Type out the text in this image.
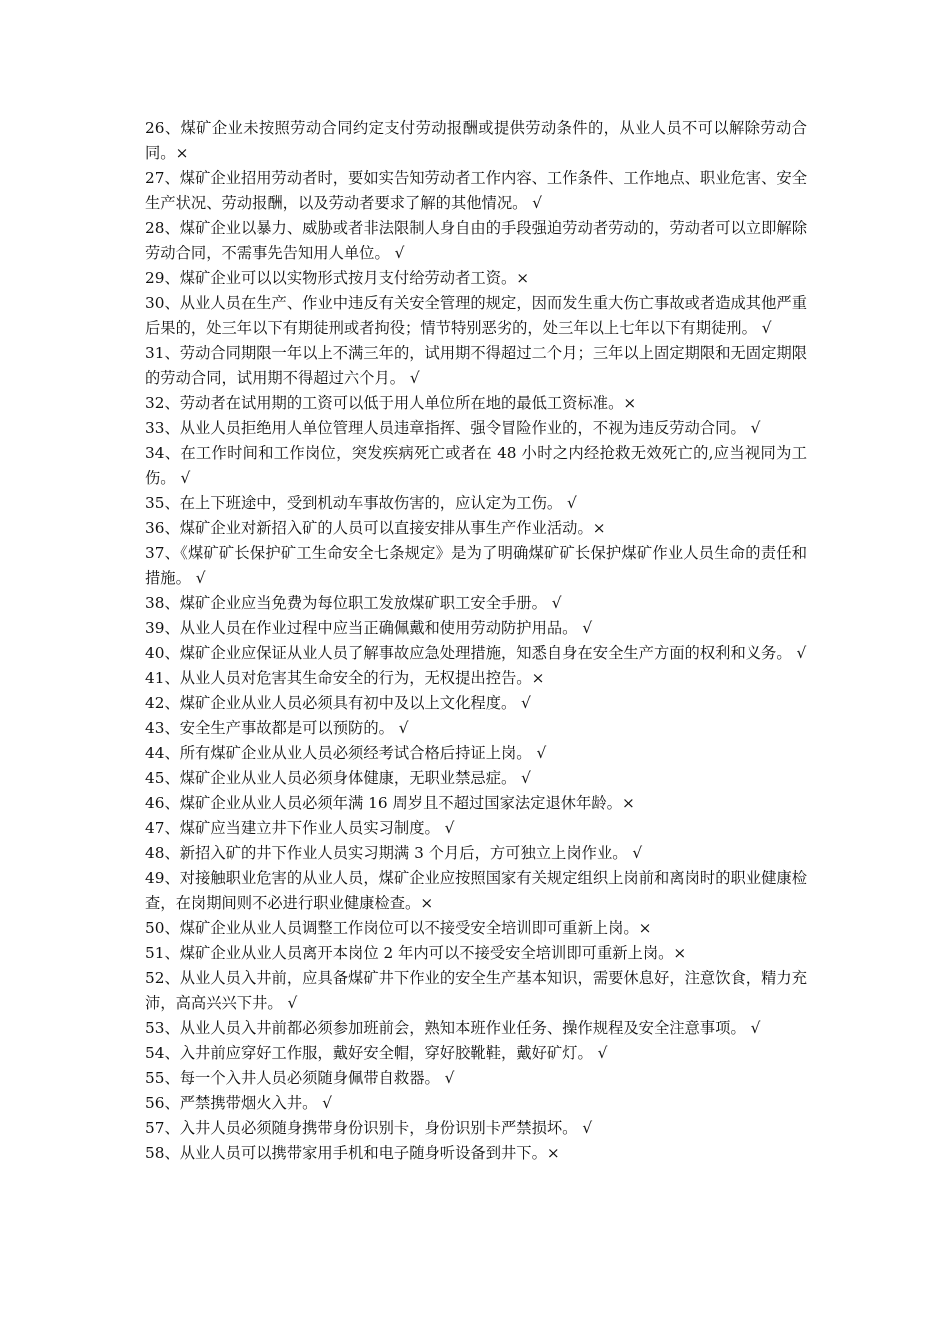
26、煤矿企业未按照劳动合同约定支付劳动报酬或提供劳动条件的，从业人员不可以解除劳动合同。×

27、煤矿企业招用劳动者时，要如实告知劳动者工作内容、工作条件、工作地点、职业危害、安全生产状况、劳动报酬，以及劳动者要求了解的其他情况。 √

28、煤矿企业以暴力、威胁或者非法限制人身自由的手段强迫劳动者劳动的，劳动者可以立即解除劳动合同，不需事先告知用人单位。 √

29、煤矿企业可以以实物形式按月支付给劳动者工资。×

30、从业人员在生产、作业中违反有关安全管理的规定，因而发生重大伤亡事故或者造成其他严重后果的，处三年以下有期徒刑或者拘役；情节特别恶劣的，处三年以上七年以下有期徒刑。 √

31、劳动合同期限一年以上不满三年的，试用期不得超过二个月；三年以上固定期限和无固定期限的劳动合同，试用期不得超过六个月。 √

32、劳动者在试用期的工资可以低于用人单位所在地的最低工资标准。×

33、从业人员拒绝用人单位管理人员违章指挥、强令冒险作业的，不视为违反劳动合同。 √

34、在工作时间和工作岗位，突发疾病死亡或者在 48 小时之内经抢救无效死亡的,应当视同为工伤。 √

35、在上下班途中，受到机动车事故伤害的，应认定为工伤。 √

36、煤矿企业对新招入矿的人员可以直接安排从事生产作业活动。×

37、《煤矿矿长保护矿工生命安全七条规定》是为了明确煤矿矿长保护煤矿作业人员生命的责任和措施。 √

38、煤矿企业应当免费为每位职工发放煤矿职工安全手册。 √

39、从业人员在作业过程中应当正确佩戴和使用劳动防护用品。 √

40、煤矿企业应保证从业人员了解事故应急处理措施，知悉自身在安全生产方面的权利和义务。 √

41、从业人员对危害其生命安全的行为，无权提出控告。×

42、煤矿企业从业人员必须具有初中及以上文化程度。 √

43、安全生产事故都是可以预防的。 √

44、所有煤矿企业从业人员必须经考试合格后持证上岗。 √

45、煤矿企业从业人员必须身体健康，无职业禁忌症。 √

46、煤矿企业从业人员必须年满 16 周岁且不超过国家法定退休年龄。×

47、煤矿应当建立井下作业人员实习制度。 √

48、新招入矿的井下作业人员实习期满 3 个月后，方可独立上岗作业。 √

49、对接触职业危害的从业人员，煤矿企业应按照国家有关规定组织上岗前和离岗时的职业健康检查，在岗期间则不必进行职业健康检查。×

50、煤矿企业从业人员调整工作岗位可以不接受安全培训即可重新上岗。×

51、煤矿企业从业人员离开本岗位 2 年内可以不接受安全培训即可重新上岗。×

52、从业人员入井前，应具备煤矿井下作业的安全生产基本知识，需要休息好，注意饮食，精力充沛，高高兴兴下井。 √

53、从业人员入井前都必须参加班前会，熟知本班作业任务、操作规程及安全注意事项。 √

54、入井前应穿好工作服，戴好安全帽，穿好胶靴鞋，戴好矿灯。 √

55、每一个入井人员必须随身佩带自救器。 √

56、严禁携带烟火入井。 √

57、入井人员必须随身携带身份识别卡，身份识别卡严禁损坏。 √

58、从业人员可以携带家用手机和电子随身听设备到井下。×
